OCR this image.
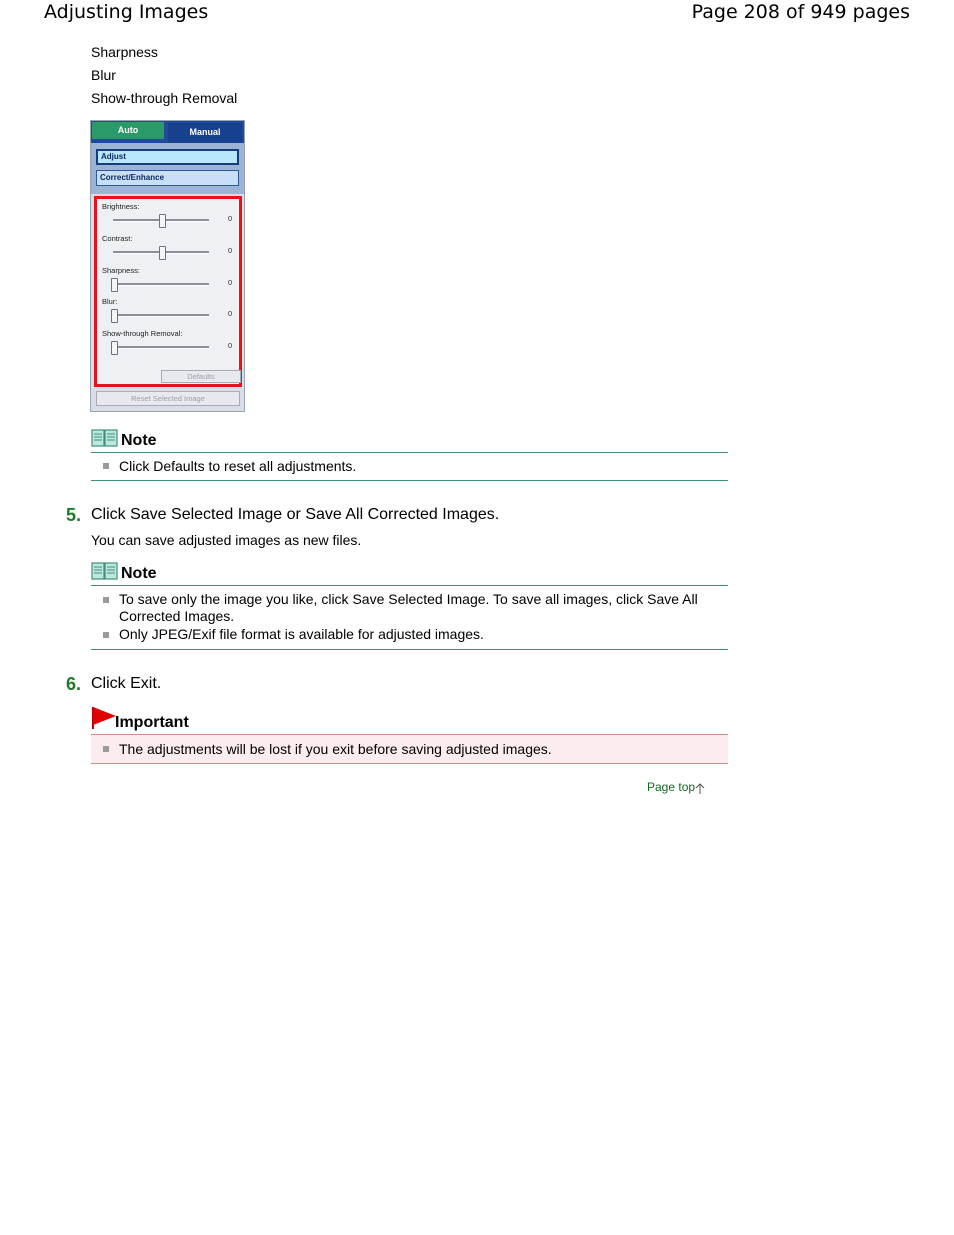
Adjusting Images	Page 208 of 949 pages
Sharpness
Blur
Show-through Removal
Auto	Manual
Adjust
Correct/Enhance
Brightness:
0
Contrast:
0
Sharpness:
0
Blur:
0
Show-through Removal:
0
Defaults
Reset Selected Image
Note
Click Defaults to reset all adjustments.
5. Click Save Selected Image or Save All Corrected Images.
You can save adjusted images as new files.
Note
To save only the image you like, click Save Selected Image. To save all images, click Save All Corrected Images.
Only JPEG/Exif file format is available for adjusted images.
6. Click Exit.
Important
The adjustments will be lost if you exit before saving adjusted images.
Page top
